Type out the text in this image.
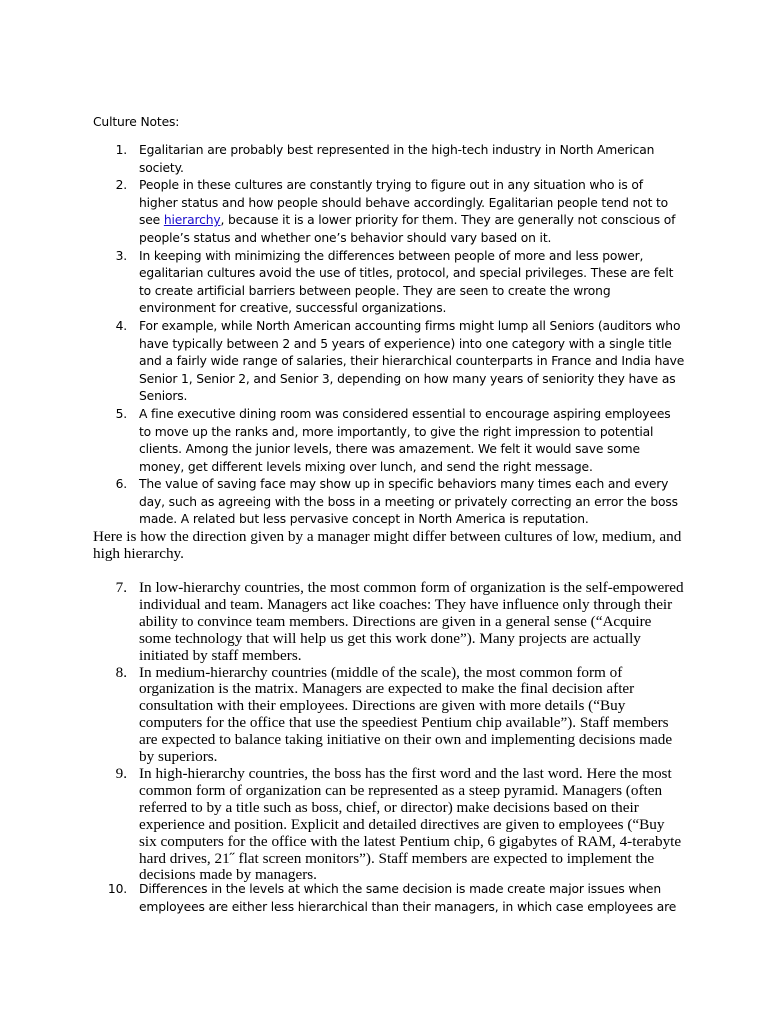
Culture Notes:
1. Egalitarian are probably best represented in the high-tech industry in North American society.
2. People in these cultures are constantly trying to figure out in any situation who is of higher status and how people should behave accordingly. Egalitarian people tend not to see hierarchy, because it is a lower priority for them. They are generally not conscious of people’s status and whether one’s behavior should vary based on it.
3. In keeping with minimizing the differences between people of more and less power, egalitarian cultures avoid the use of titles, protocol, and special privileges. These are felt to create artificial barriers between people. They are seen to create the wrong environment for creative, successful organizations.
4. For example, while North American accounting firms might lump all Seniors (auditors who have typically between 2 and 5 years of experience) into one category with a single title and a fairly wide range of salaries, their hierarchical counterparts in France and India have Senior 1, Senior 2, and Senior 3, depending on how many years of seniority they have as Seniors.
5. A fine executive dining room was considered essential to encourage aspiring employees to move up the ranks and, more importantly, to give the right impression to potential clients. Among the junior levels, there was amazement. We felt it would save some money, get different levels mixing over lunch, and send the right message.
6. The value of saving face may show up in specific behaviors many times each and every day, such as agreeing with the boss in a meeting or privately correcting an error the boss made. A related but less pervasive concept in North America is reputation.
Here is how the direction given by a manager might differ between cultures of low, medium, and high hierarchy.
7. In low-hierarchy countries, the most common form of organization is the self-empowered individual and team. Managers act like coaches: They have influence only through their ability to convince team members. Directions are given in a general sense (“Acquire some technology that will help us get this work done”). Many projects are actually initiated by staff members.
8. In medium-hierarchy countries (middle of the scale), the most common form of organization is the matrix. Managers are expected to make the final decision after consultation with their employees. Directions are given with more details (“Buy computers for the office that use the speediest Pentium chip available”). Staff members are expected to balance taking initiative on their own and implementing decisions made by superiors.
9. In high-hierarchy countries, the boss has the first word and the last word. Here the most common form of organization can be represented as a steep pyramid. Managers (often referred to by a title such as boss, chief, or director) make decisions based on their experience and position. Explicit and detailed directives are given to employees (“Buy six computers for the office with the latest Pentium chip, 6 gigabytes of RAM, 4-terabyte hard drives, 21˝ flat screen monitors”). Staff members are expected to implement the decisions made by managers.
10. Differences in the levels at which the same decision is made create major issues when employees are either less hierarchical than their managers, in which case employees are
